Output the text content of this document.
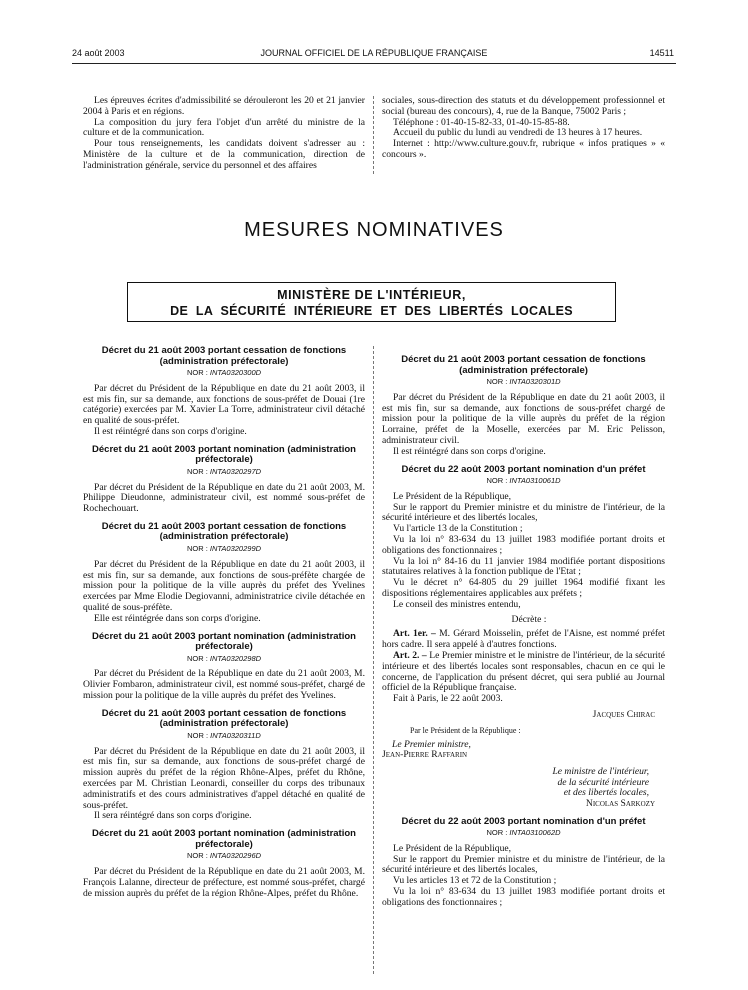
24 août 2003	JOURNAL OFFICIEL DE LA RÉPUBLIQUE FRANÇAISE	14511

Les épreuves écrites d'admissibilité se dérouleront les 20 et 21 janvier 2004 à Paris et en régions.

La composition du jury fera l'objet d'un arrêté du ministre de la culture et de la communication.

Pour tous renseignements, les candidats doivent s'adresser au : Ministère de la culture et de la communication, direction de l'administration générale, service du personnel et des affaires

sociales, sous-direction des statuts et du développement professionnel et social (bureau des concours), 4, rue de la Banque, 75002 Paris ;

Téléphone : 01-40-15-82-33, 01-40-15-85-88.

Accueil du public du lundi au vendredi de 13 heures à 17 heures.

Internet : http://www.culture.gouv.fr, rubrique « infos pratiques » « concours ».

MESURES NOMINATIVES
MINISTÈRE DE L'INTÉRIEUR,
DE LA SÉCURITÉ INTÉRIEURE ET DES LIBERTÉS LOCALES
Décret du 21 août 2003 portant cessation de fonctions (administration préfectorale)
NOR : INTA0320300D

Par décret du Président de la République en date du 21 août 2003, il est mis fin, sur sa demande, aux fonctions de sous-préfet de Douai (1re catégorie) exercées par M. Xavier La Torre, administrateur civil détaché en qualité de sous-préfet.

Il est réintégré dans son corps d'origine.

Décret du 21 août 2003 portant nomination (administration préfectorale)
NOR : INTA0320297D

Par décret du Président de la République en date du 21 août 2003, M. Philippe Dieudonne, administrateur civil, est nommé sous-préfet de Rochechouart.

Décret du 21 août 2003 portant cessation de fonctions (administration préfectorale)
NOR : INTA0320299D

Par décret du Président de la République en date du 21 août 2003, il est mis fin, sur sa demande, aux fonctions de sous-préfète chargée de mission pour la politique de la ville auprès du préfet des Yvelines exercées par Mme Elodie Degiovanni, administratrice civile détachée en qualité de sous-préfète.

Elle est réintégrée dans son corps d'origine.

Décret du 21 août 2003 portant nomination (administration préfectorale)
NOR : INTA0320298D

Par décret du Président de la République en date du 21 août 2003, M. Olivier Fombaron, administrateur civil, est nommé sous-préfet, chargé de mission pour la politique de la ville auprès du préfet des Yvelines.

Décret du 21 août 2003 portant cessation de fonctions (administration préfectorale)
NOR : INTA0320311D

Par décret du Président de la République en date du 21 août 2003, il est mis fin, sur sa demande, aux fonctions de sous-préfet chargé de mission auprès du préfet de la région Rhône-Alpes, préfet du Rhône, exercées par M. Christian Leonardi, conseiller du corps des tribunaux administratifs et des cours administratives d'appel détaché en qualité de sous-préfet.

Il sera réintégré dans son corps d'origine.

Décret du 21 août 2003 portant nomination (administration préfectorale)
NOR : INTA0320296D

Par décret du Président de la République en date du 21 août 2003, M. François Lalanne, directeur de préfecture, est nommé sous-préfet, chargé de mission auprès du préfet de la région Rhône-Alpes, préfet du Rhône.

Décret du 21 août 2003 portant cessation de fonctions (administration préfectorale)
NOR : INTA0320301D

Par décret du Président de la République en date du 21 août 2003, il est mis fin, sur sa demande, aux fonctions de sous-préfet chargé de mission pour la politique de la ville auprès du préfet de la région Lorraine, préfet de la Moselle, exercées par M. Eric Pelisson, administrateur civil.

Il est réintégré dans son corps d'origine.

Décret du 22 août 2003 portant nomination d'un préfet
NOR : INTA0310061D

Le Président de la République,

Sur le rapport du Premier ministre et du ministre de l'intérieur, de la sécurité intérieure et des libertés locales,

Vu l'article 13 de la Constitution ;

Vu la loi n° 83-634 du 13 juillet 1983 modifiée portant droits et obligations des fonctionnaires ;

Vu la loi n° 84-16 du 11 janvier 1984 modifiée portant dispositions statutaires relatives à la fonction publique de l'Etat ;

Vu le décret n° 64-805 du 29 juillet 1964 modifié fixant les dispositions réglementaires applicables aux préfets ;

Le conseil des ministres entendu,

Décrète :

Art. 1er. – M. Gérard Moisselin, préfet de l'Aisne, est nommé préfet hors cadre. Il sera appelé à d'autres fonctions.

Art. 2. – Le Premier ministre et le ministre de l'intérieur, de la sécurité intérieure et des libertés locales sont responsables, chacun en ce qui le concerne, de l'application du présent décret, qui sera publié au Journal officiel de la République française.

Fait à Paris, le 22 août 2003.

Jacques Chirac
Par le Président de la République :
Le Premier ministre,
Jean-Pierre Raffarin
Le ministre de l'intérieur,
de la sécurité intérieure
et des libertés locales,
Nicolas Sarkozy
Décret du 22 août 2003 portant nomination d'un préfet
NOR : INTA0310062D

Le Président de la République,

Sur le rapport du Premier ministre et du ministre de l'intérieur, de la sécurité intérieure et des libertés locales,

Vu les articles 13 et 72 de la Constitution ;

Vu la loi n° 83-634 du 13 juillet 1983 modifiée portant droits et obligations des fonctionnaires ;
